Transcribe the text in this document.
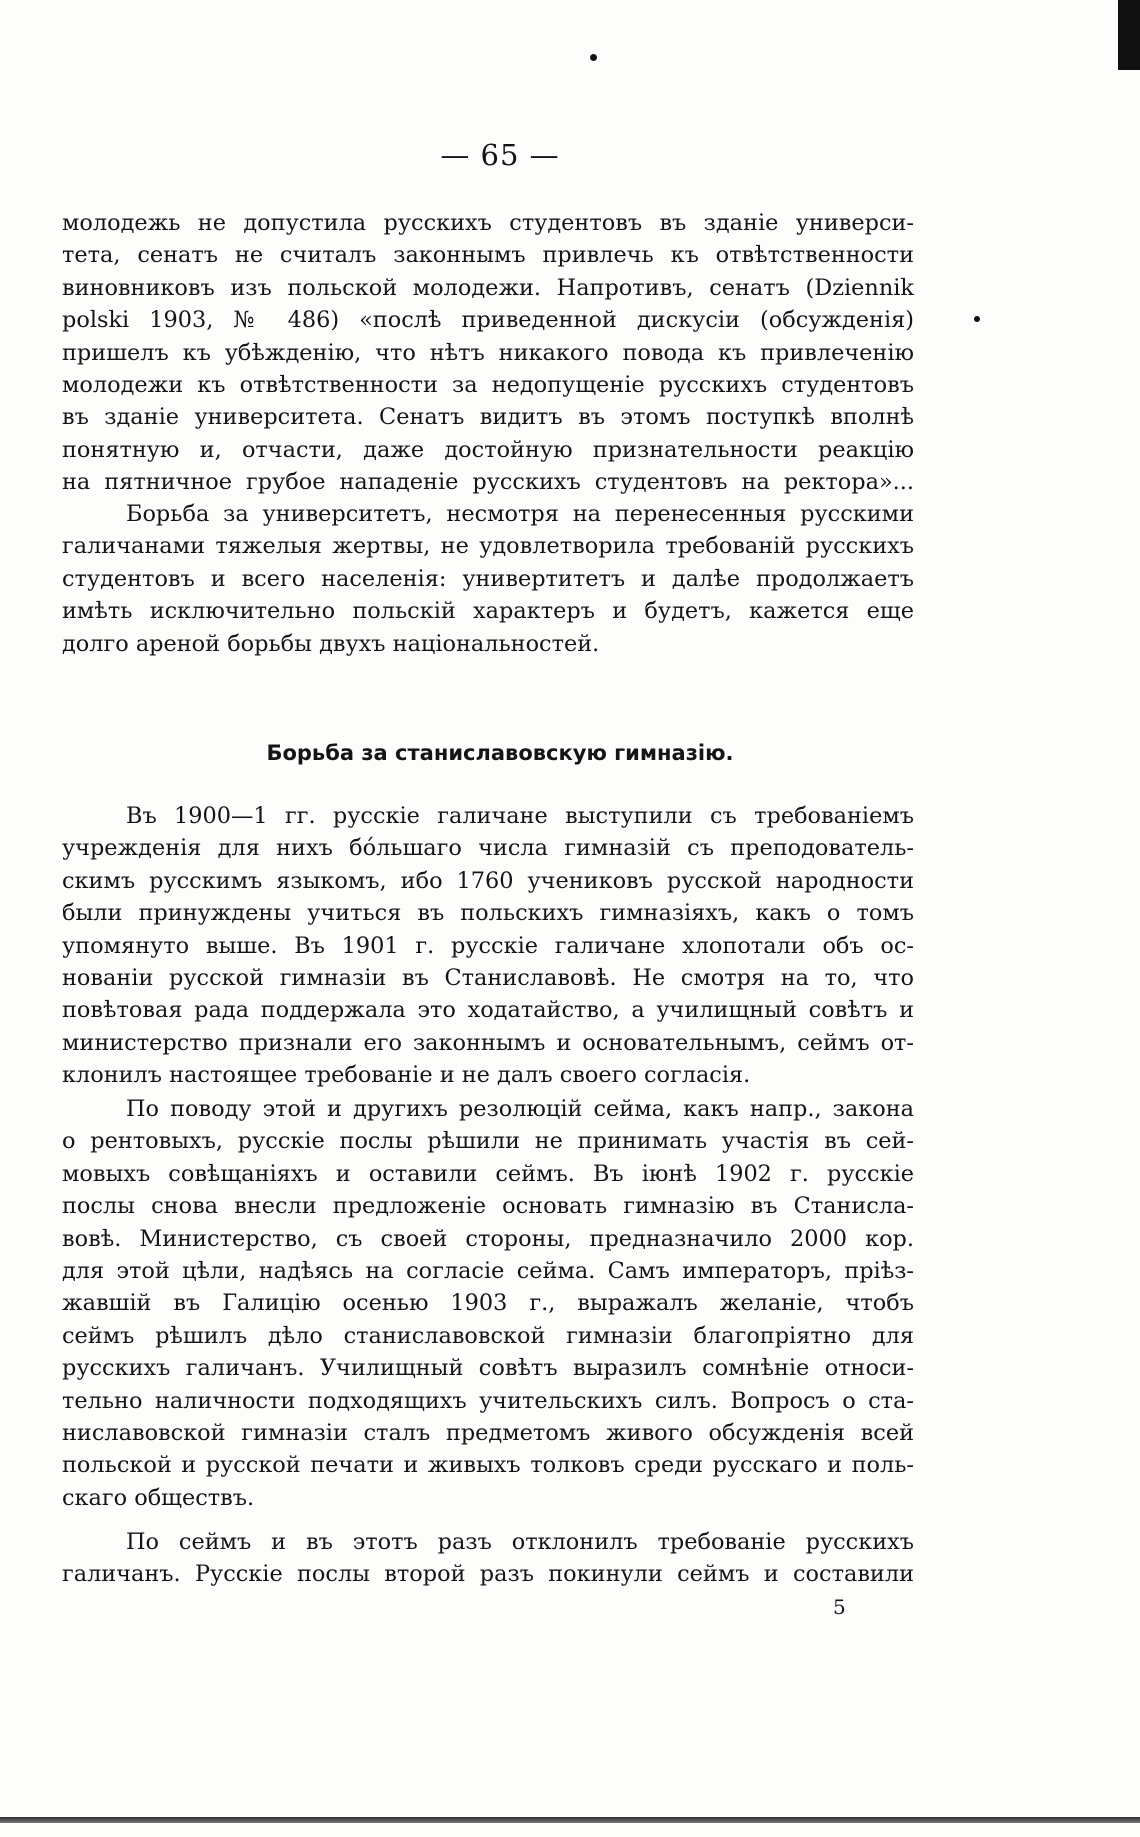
— 65 —
молодежь не допустила русскихъ студентовъ въ зданіе универси-
тета, сенатъ не считалъ законнымъ привлечь къ отвѣтственности
виновниковъ изъ польской молодежи. Напротивъ, сенатъ (Dziennik
polski 1903, № 486) «послѣ приведенной дискусіи (обсужденія)
пришелъ къ убѣжденію, что нѣтъ никакого повода къ привлеченію
молодежи къ отвѣтственности за недопущеніе русскихъ студентовъ
въ зданіе университета. Сенатъ видитъ въ этомъ поступкѣ вполнѣ
понятную и, отчасти, даже достойную признательности реакцію
на пятничное грубое нападеніе русскихъ студентовъ на ректора»...
Борьба за университетъ, несмотря на перенесенныя русскими
галичанами тяжелыя жертвы, не удовлетворила требованій русскихъ
студентовъ и всего населенія: универтитетъ и далѣе продолжаетъ
имѣть исключительно польскій характеръ и будетъ, кажется еще
долго ареной борьбы двухъ національностей.
Борьба за станиславовскую гимназію.
Въ 1900—1 гг. русскіе галичане выступили съ требованіемъ
учрежденія для нихъ бо́льшаго числа гимназій съ преподователь-
скимъ русскимъ языкомъ, ибо 1760 учениковъ русской народности
были принуждены учиться въ польскихъ гимназіяхъ, какъ о томъ
упомянуто выше. Въ 1901 г. русскіе галичане хлопотали объ ос-
нованіи русской гимназіи въ Станиславовѣ. Не смотря на то, что
повѣтовая рада поддержала это ходатайство, а училищный совѣтъ и
министерство признали его законнымъ и основательнымъ, сеймъ от-
клонилъ настоящее требованіе и не далъ своего согласія.
По поводу этой и другихъ резолюцій сейма, какъ напр., закона
о рентовыхъ, русскіе послы рѣшили не принимать участія въ сей-
мовыхъ совѣщаніяхъ и оставили сеймъ. Въ іюнѣ 1902 г. русскіе
послы снова внесли предложеніе основать гимназію въ Станисла-
вовѣ. Министерство, съ своей стороны, предназначило 2000 кор.
для этой цѣли, надѣясь на согласіе сейма. Самъ императоръ, пріѣз-
жавшій въ Галицію осенью 1903 г., выражалъ желаніе, чтобъ
сеймъ рѣшилъ дѣло станиславовской гимназіи благопріятно для
русскихъ галичанъ. Училищный совѣтъ выразилъ сомнѣніе относи-
тельно наличности подходящихъ учительскихъ силъ. Вопросъ о ста-
ниславовской гимназіи сталъ предметомъ живого обсужденія всей
польской и русской печати и живыхъ толковъ среди русскаго и поль-
скаго обществъ.
По сеймъ и въ этотъ разъ отклонилъ требованіе русскихъ
галичанъ. Русскіе послы второй разъ покинули сеймъ и составили
5
